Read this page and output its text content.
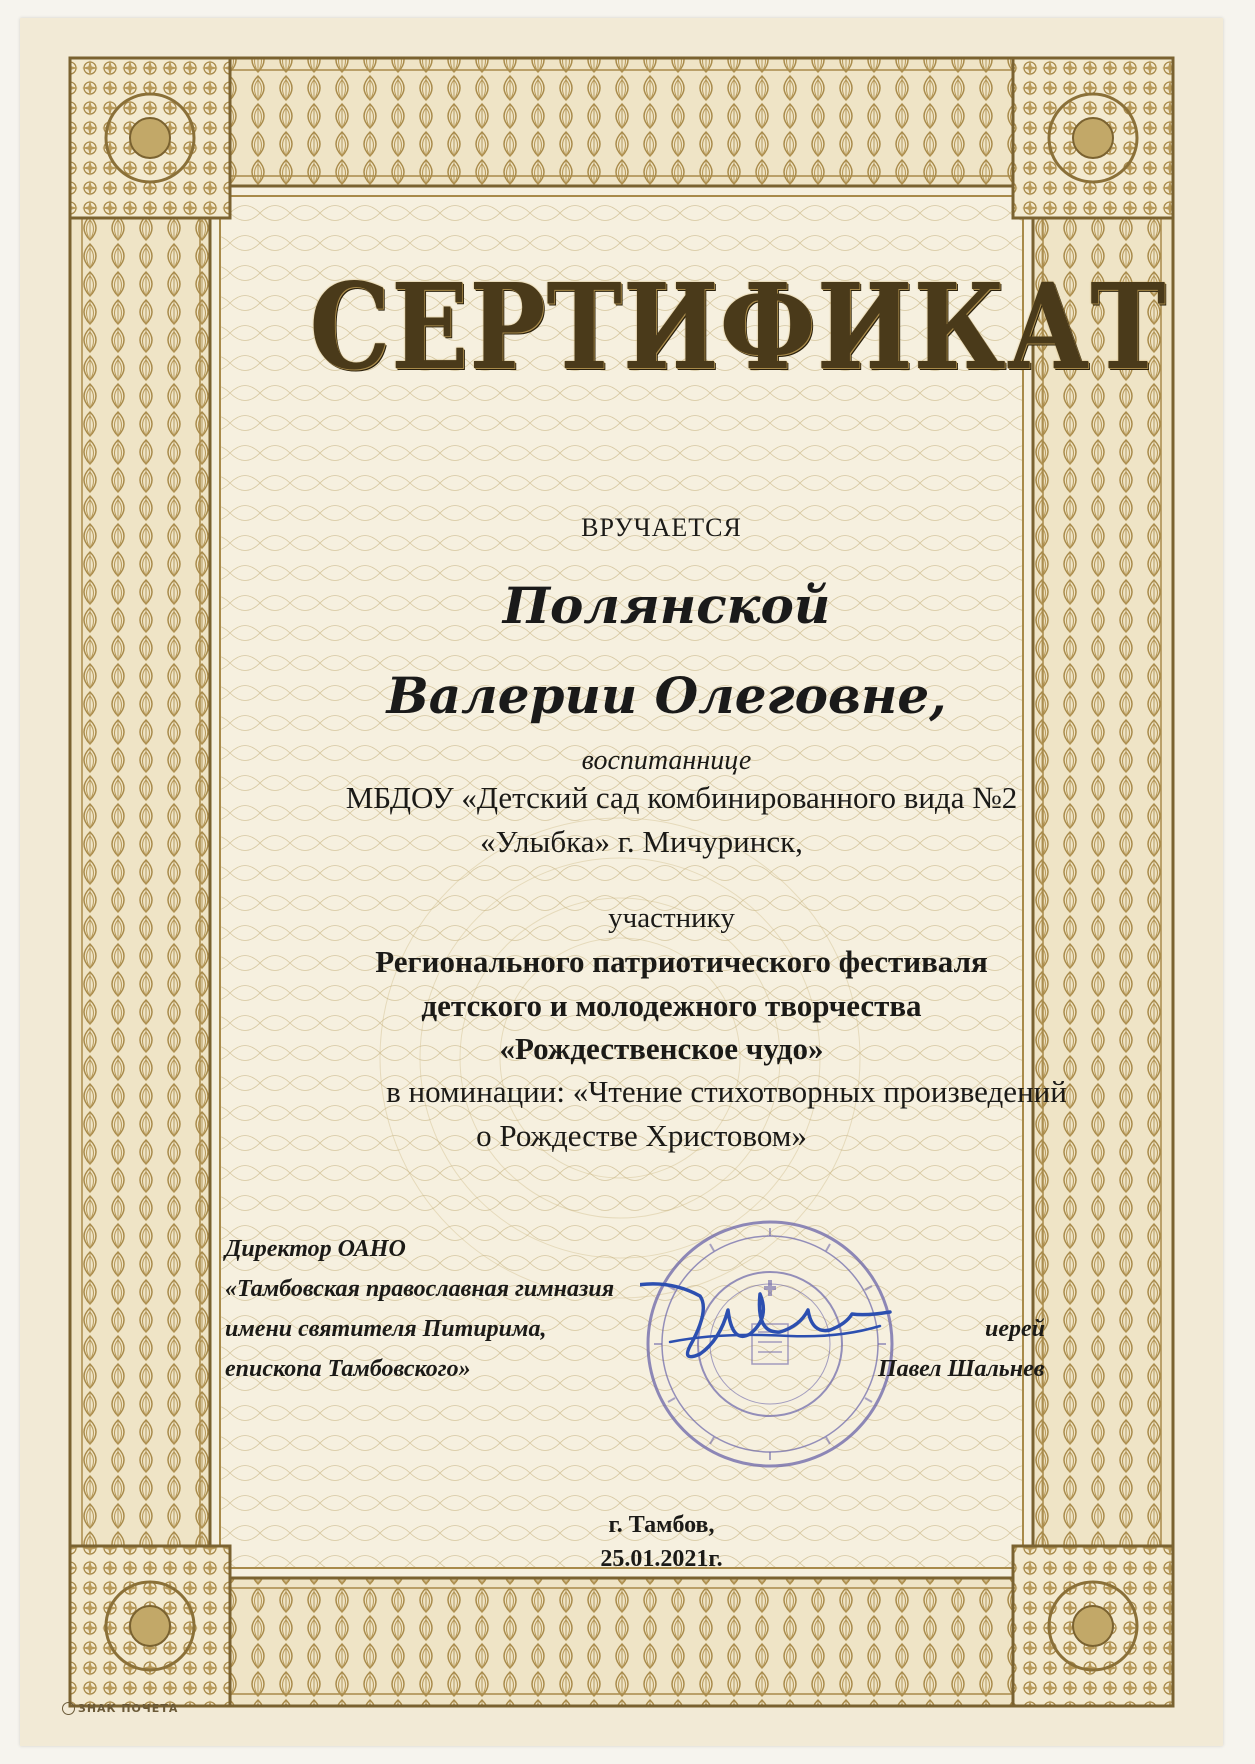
СЕРТИФИКАТ
ВРУЧАЕТСЯ
Полянской
Валерии Олеговне,
воспитаннице
МБДОУ «Детский сад комбинированного вида №2
«Улыбка» г. Мичуринск,
участнику
Регионального патриотического фестиваля
детского и молодежного творчества
«Рождественское чудо»
в номинации: «Чтение стихотворных произведений
о Рождестве Христовом»
Директор ОАНО
«Тамбовская православная гимназия
имени святителя Питирима,
епископа Тамбовского»
иерей
Павел Шальнев
г. Тамбов,
25.01.2021г.
ЗНАК ПОЧЕТА
